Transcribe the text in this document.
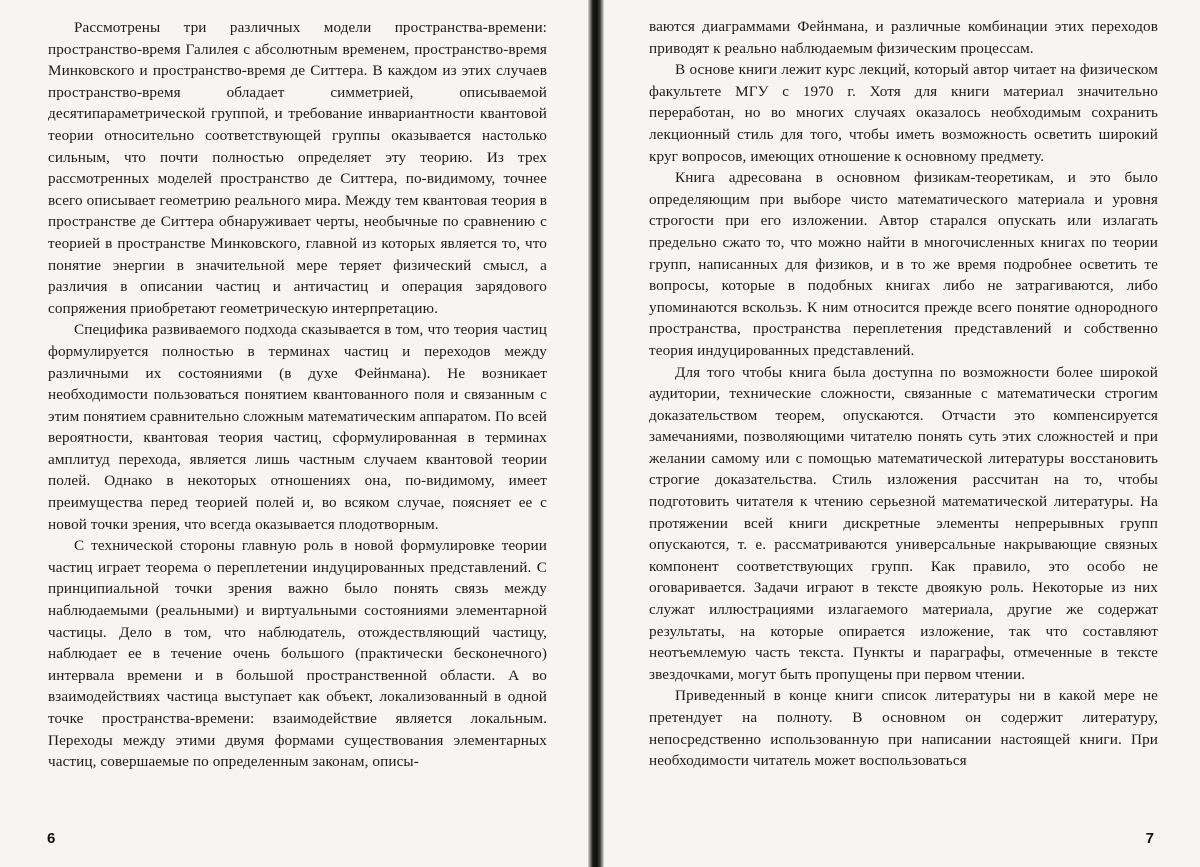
Рассмотрены три различных модели пространства-времени: пространство-время Галилея с абсолютным временем, пространство-время Минковского и пространство-время де Ситтера. В каждом из этих случаев пространство-время обладает симметрией, описываемой десятипараметрической группой, и требование инвариантности квантовой теории относительно соответствующей группы оказывается настолько сильным, что почти полностью определяет эту теорию. Из трех рассмотренных моделей пространство де Ситтера, по-видимому, точнее всего описывает геометрию реального мира. Между тем квантовая теория в пространстве де Ситтера обнаруживает черты, необычные по сравнению с теорией в пространстве Минковского, главной из которых является то, что понятие энергии в значительной мере теряет физический смысл, а различия в описании частиц и античастиц и операция зарядового сопряжения приобретают геометрическую интерпретацию.

Специфика развиваемого подхода сказывается в том, что теория частиц формулируется полностью в терминах частиц и переходов между различными их состояниями (в духе Фейнмана). Не возникает необходимости пользоваться понятием квантованного поля и связанным с этим понятием сравнительно сложным математическим аппаратом. По всей вероятности, квантовая теория частиц, сформулированная в терминах амплитуд перехода, является лишь частным случаем квантовой теории полей. Однако в некоторых отношениях она, по-видимому, имеет преимущества перед теорией полей и, во всяком случае, поясняет ее с новой точки зрения, что всегда оказывается плодотворным.

С технической стороны главную роль в новой формулировке теории частиц играет теорема о переплетении индуцированных представлений. С принципиальной точки зрения важно было понять связь между наблюдаемыми (реальными) и виртуальными состояниями элементарной частицы. Дело в том, что наблюдатель, отождествляющий частицу, наблюдает ее в течение очень большого (практически бесконечного) интервала времени и в большой пространственной области. А во взаимодействиях частица выступает как объект, локализованный в одной точке пространства-времени: взаимодействие является локальным. Переходы между этими двумя формами существования элементарных частиц, совершаемые по определенным законам, описы-

6

ваются диаграммами Фейнмана, и различные комбинации этих переходов приводят к реально наблюдаемым физическим процессам.

В основе книги лежит курс лекций, который автор читает на физическом факультете МГУ с 1970 г. Хотя для книги материал значительно переработан, но во многих случаях оказалось необходимым сохранить лекционный стиль для того, чтобы иметь возможность осветить широкий круг вопросов, имеющих отношение к основному предмету.

Книга адресована в основном физикам-теоретикам, и это было определяющим при выборе чисто математического материала и уровня строгости при его изложении. Автор старался опускать или излагать предельно сжато то, что можно найти в многочисленных книгах по теории групп, написанных для физиков, и в то же время подробнее осветить те вопросы, которые в подобных книгах либо не затрагиваются, либо упоминаются вскользь. К ним относится прежде всего понятие однородного пространства, пространства переплетения представлений и собственно теория индуцированных представлений.

Для того чтобы книга была доступна по возможности более широкой аудитории, технические сложности, связанные с математически строгим доказательством теорем, опускаются. Отчасти это компенсируется замечаниями, позволяющими читателю понять суть этих сложностей и при желании самому или с помощью математической литературы восстановить строгие доказательства. Стиль изложения рассчитан на то, чтобы подготовить читателя к чтению серьезной математической литературы. На протяжении всей книги дискретные элементы непрерывных групп опускаются, т. е. рассматриваются универсальные накрывающие связных компонент соответствующих групп. Как правило, это особо не оговаривается. Задачи играют в тексте двоякую роль. Некоторые из них служат иллюстрациями излагаемого материала, другие же содержат результаты, на которые опирается изложение, так что составляют неотъемлемую часть текста. Пункты и параграфы, отмеченные в тексте звездочками, могут быть пропущены при первом чтении.

Приведенный в конце книги список литературы ни в какой мере не претендует на полноту. В основном он содержит литературу, непосредственно использованную при написании настоящей книги. При необходимости читатель может воспользоваться

7
